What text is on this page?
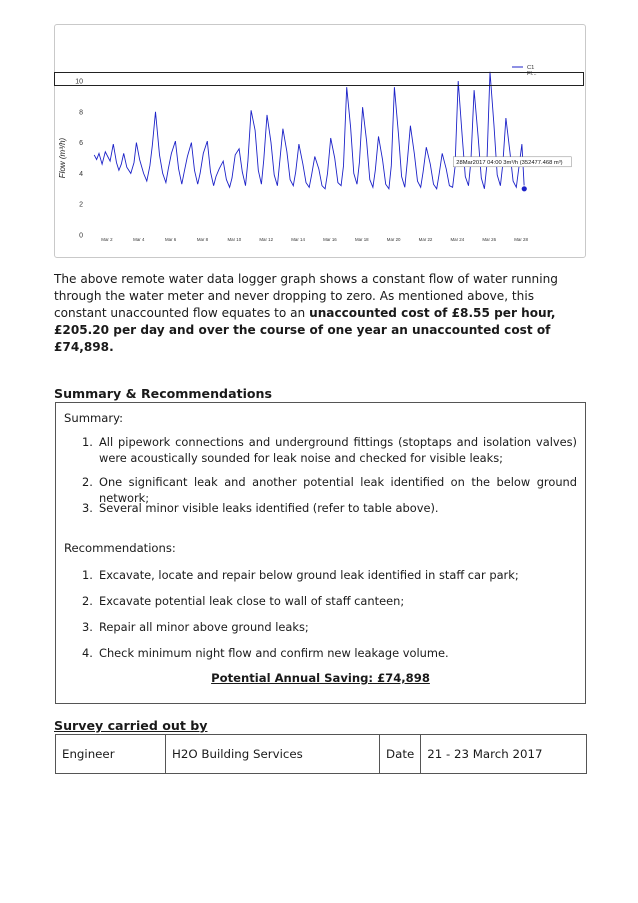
0
2
4
6
8
10
Flow (m³/h)
Mar 2	Mar 4	Mar 6	Mar 8	Mar 10	Mar 12	Mar 14	Mar 16	Mar 18	Mar 20	Mar 22	Mar 24	Mar 26	Mar 28
28Mar2017 04:00 3m³/h (352477.468 m³)
C1
Fl...
The above remote water data logger graph shows a constant flow of water running through the water meter and never dropping to zero. As mentioned above, this constant unaccounted flow equates to an unaccounted cost of £8.55 per hour, £205.20 per day and over the course of one year an unaccounted cost of £74,898.
Summary & Recommendations
Summary:
1. All pipework connections and underground fittings (stoptaps and isolation valves) were acoustically sounded for leak noise and checked for visible leaks;
2. One significant leak and another potential leak identified on the below ground network;
3. Several minor visible leaks identified (refer to table above).
Recommendations:
1. Excavate, locate and repair below ground leak identified in staff car park;
2. Excavate potential leak close to wall of staff canteen;
3. Repair all minor above ground leaks;
4. Check minimum night flow and confirm new leakage volume.
Potential Annual Saving: £74,898
Survey carried out by
Engineer	H2O Building Services	Date	21 - 23 March 2017
